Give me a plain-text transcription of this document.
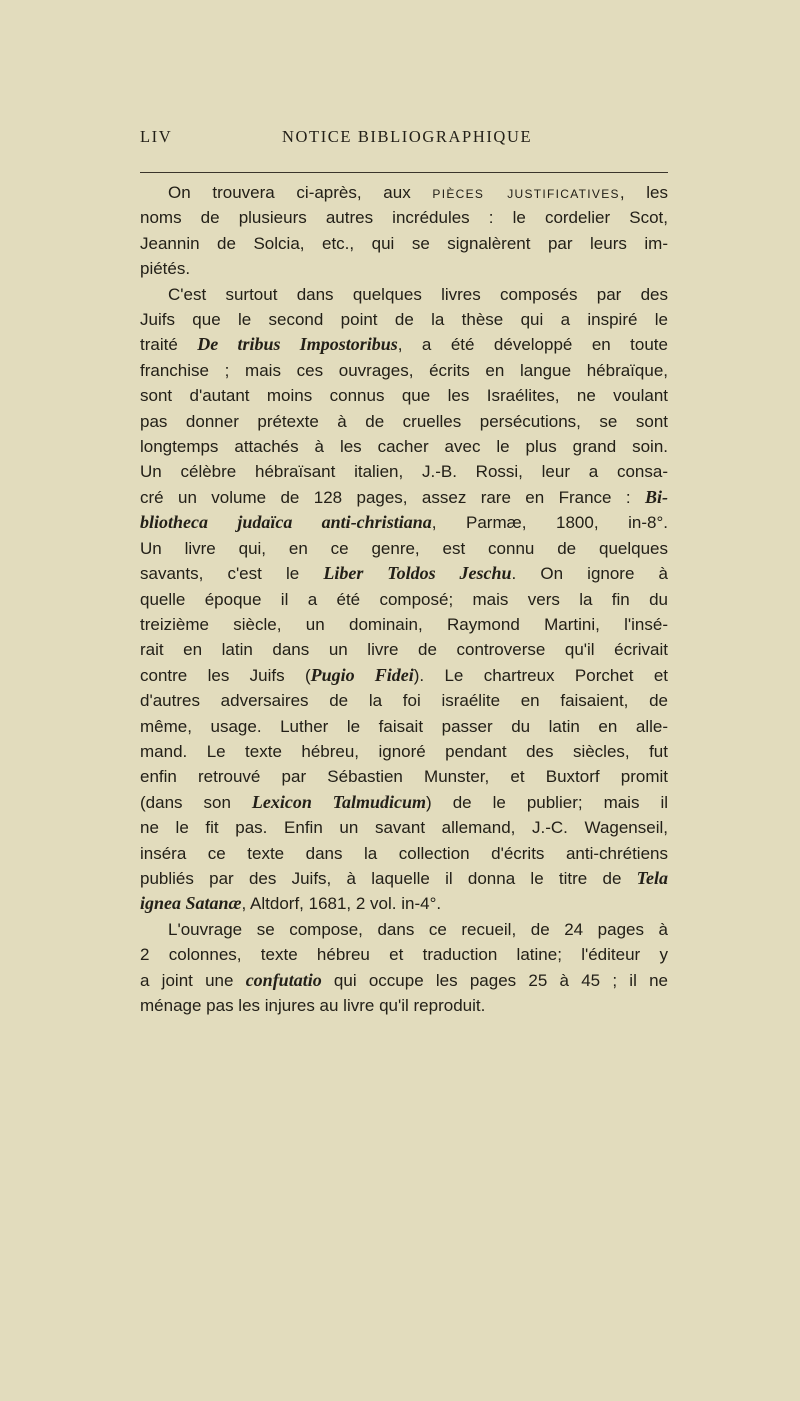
LIV	NOTICE BIBLIOGRAPHIQUE

On trouvera ci-après, aux pièces justificatives, les
noms de plusieurs autres incrédules : le cordelier Scot,
Jeannin de Solcia, etc., qui se signalèrent par leurs im-
piétés.

C'est surtout dans quelques livres composés par des
Juifs que le second point de la thèse qui a inspiré le
traité De tribus Impostoribus, a été développé en toute
franchise ; mais ces ouvrages, écrits en langue hébraïque,
sont d'autant moins connus que les Israélites, ne voulant
pas donner prétexte à de cruelles persécutions, se sont
longtemps attachés à les cacher avec le plus grand soin.
Un célèbre hébraïsant italien, J.-B. Rossi, leur a consa-
cré un volume de 128 pages, assez rare en France : Bi-
bliotheca judaïca anti-christiana, Parmæ, 1800, in-8°.
Un livre qui, en ce genre, est connu de quelques
savants, c'est le Liber Toldos Jeschu. On ignore à
quelle époque il a été composé; mais vers la fin du
treizième siècle, un dominain, Raymond Martini, l'insé-
rait en latin dans un livre de controverse qu'il écrivait
contre les Juifs (Pugio Fidei). Le chartreux Porchet et
d'autres adversaires de la foi israélite en faisaient, de
même, usage. Luther le faisait passer du latin en alle-
mand. Le texte hébreu, ignoré pendant des siècles, fut
enfin retrouvé par Sébastien Munster, et Buxtorf promit
(dans son Lexicon Talmudicum) de le publier; mais il
ne le fit pas. Enfin un savant allemand, J.-C. Wagenseil,
inséra ce texte dans la collection d'écrits anti-chrétiens
publiés par des Juifs, à laquelle il donna le titre de Tela
ignea Satanæ, Altdorf, 1681, 2 vol. in-4°.

L'ouvrage se compose, dans ce recueil, de 24 pages à
2 colonnes, texte hébreu et traduction latine; l'éditeur y
a joint une confutatio qui occupe les pages 25 à 45 ; il ne
ménage pas les injures au livre qu'il reproduit.
